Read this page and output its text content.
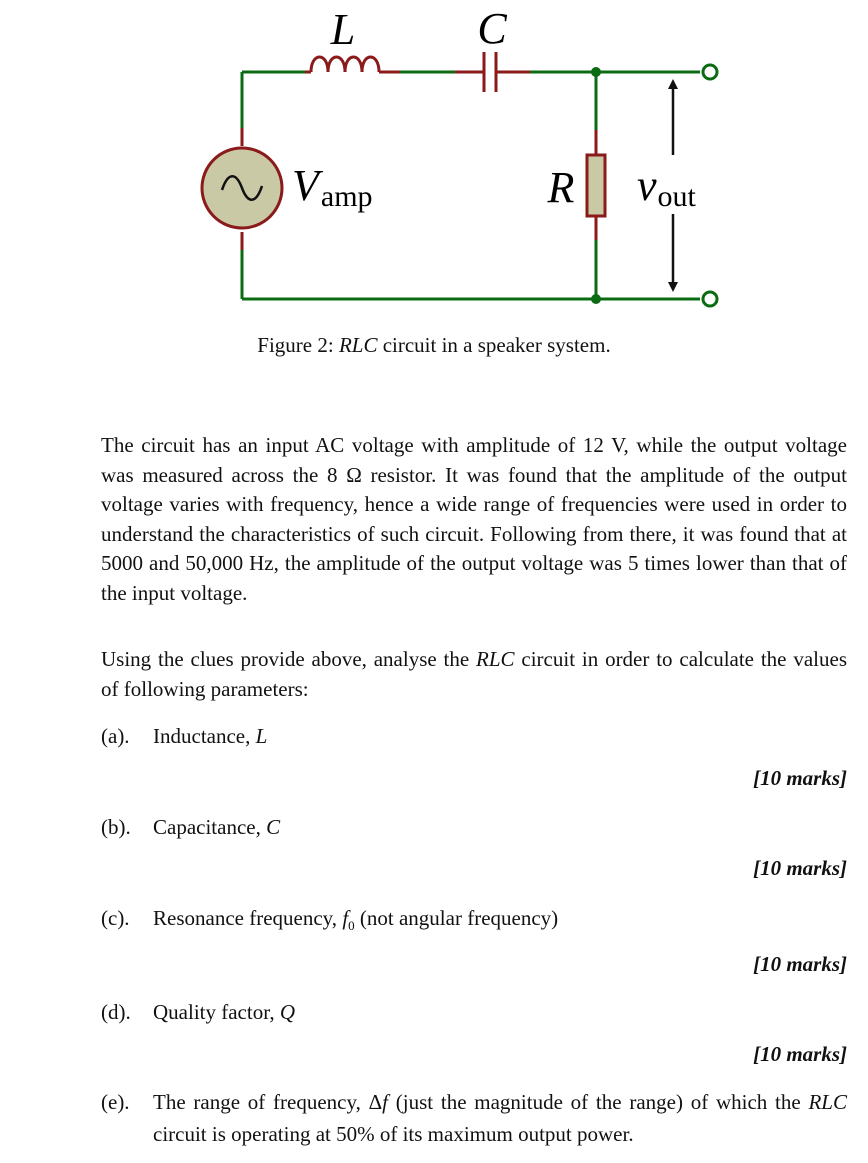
L	C
Vamp	R vout
Figure 2: RLC circuit in a speaker system.
The circuit has an input AC voltage with amplitude of 12 V, while the output voltage was measured across the 8 Ω resistor. It was found that the amplitude of the output voltage varies with frequency, hence a wide range of frequencies were used in order to understand the characteristics of such circuit. Following from there, it was found that at 5000 and 50,000 Hz, the amplitude of the output voltage was 5 times lower than that of the input voltage.
Using the clues provide above, analyse the RLC circuit in order to calculate the values of following parameters:
(a). Inductance, L
[10 marks]
(b). Capacitance, C
[10 marks]
(c). Resonance frequency, $f_0$ (not angular frequency)
[10 marks]
(d). Quality factor, Q
[10 marks]
(e). The range of frequency, Δf (just the magnitude of the range) of which the RLC circuit is operating at 50% of its maximum output power.
